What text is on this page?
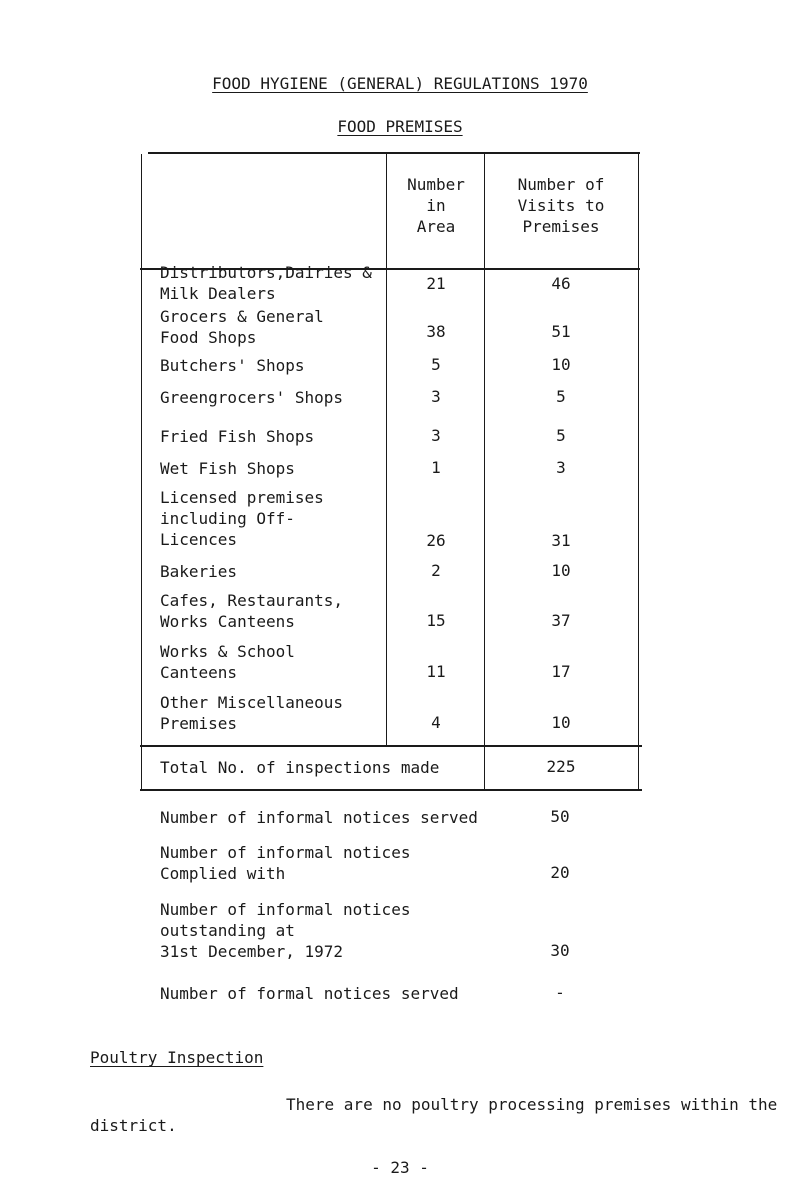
FOOD HYGIENE (GENERAL) REGULATIONS 1970
FOOD PREMISES
Number
in
Area
Number of
Visits to
Premises
Distributors,Dairies &
Milk Dealers
21	46
Grocers & General
Food Shops	38	51
Butchers' Shops	5	10
Greengrocers' Shops	3	5
Fried Fish Shops	3	5
Wet Fish Shops	1	3
Licensed premises
including Off-
Licences	26	31
Bakeries	2	10
Cafes, Restaurants,
Works Canteens	15	37
Works & School
Canteens	11	17
Other Miscellaneous
Premises	4	10
Total No. of inspections made	225
Number of informal notices served	50
Number of informal notices
Complied with	20
Number of informal notices
outstanding at
31st December, 1972	30
Number of formal notices served	-
Poultry Inspection
There are no poultry processing premises within the
district.
- 23 -
